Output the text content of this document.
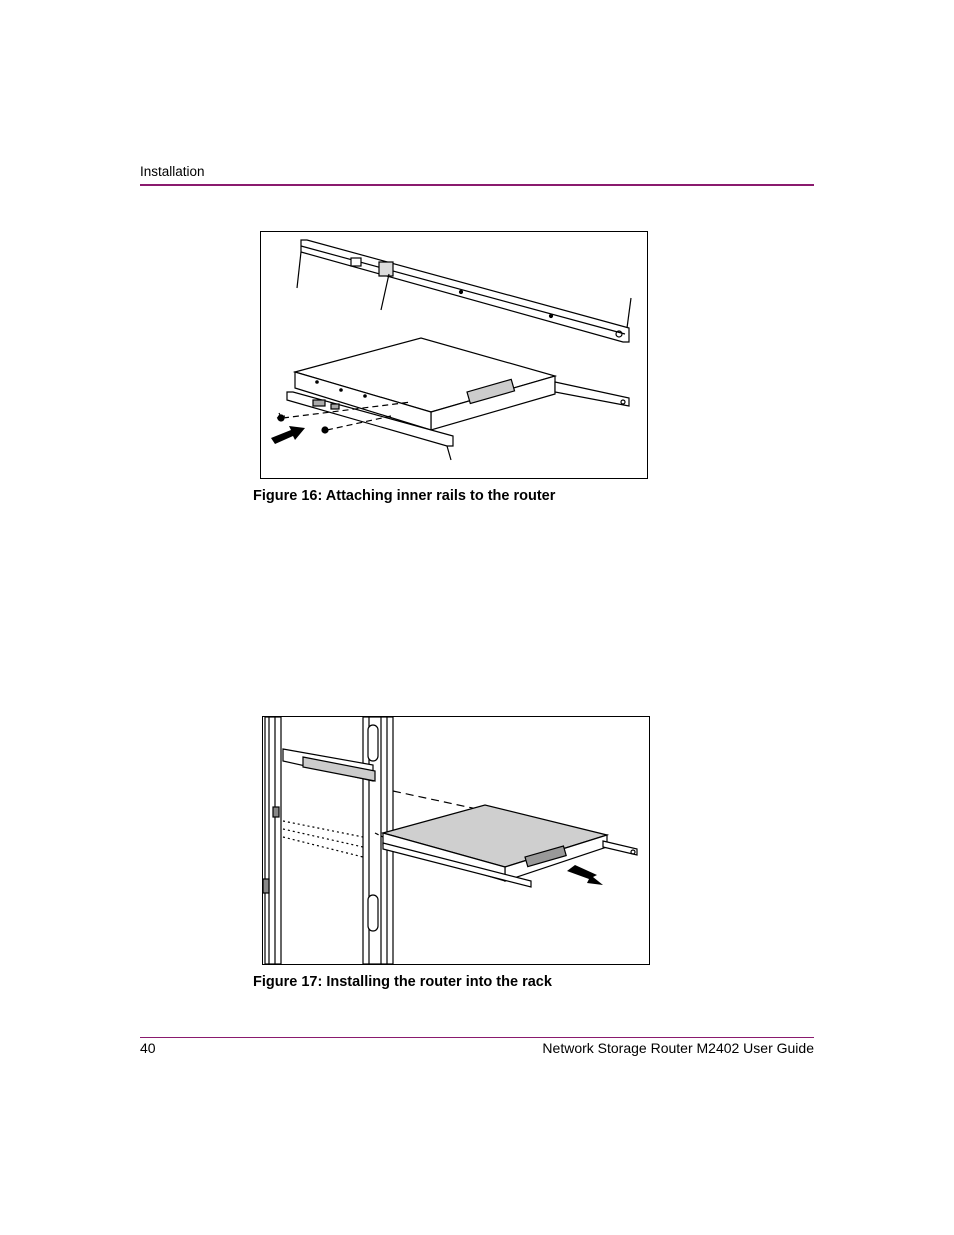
Installation
Figure 16: Attaching inner rails to the router
Figure 17: Installing the router into the rack
40	Network Storage Router M2402 User Guide
